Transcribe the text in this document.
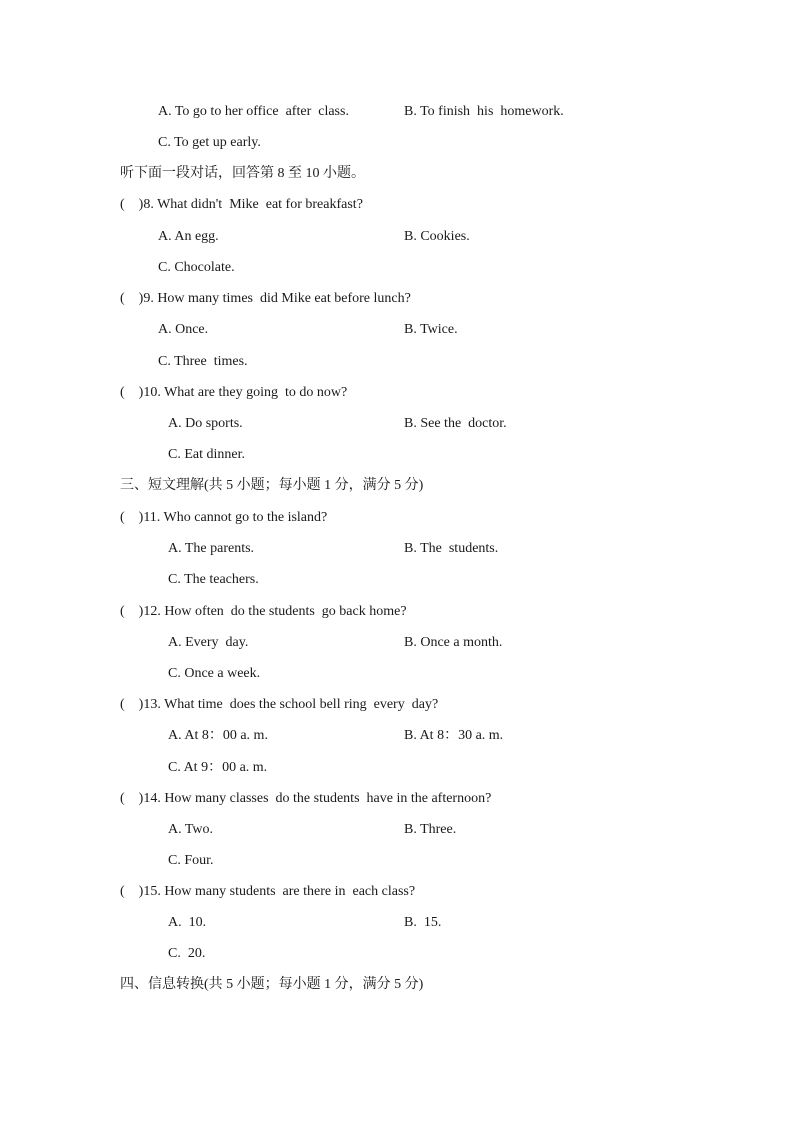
A. To go to her office  after  class.	B. To finish  his  homework.
C. To get up early.
听下面一段对话，回答第 8 至 10 小题。
(    )8. What didn't  Mike  eat for breakfast?
A. An egg.	B. Cookies.
C. Chocolate.
(    )9. How many times  did Mike eat before lunch?
A. Once.	B. Twice.
C. Three  times.
(    )10. What are they going  to do now?
A. Do sports.	B. See the  doctor.
C. Eat dinner.
三、短文理解(共 5 小题；每小题 1 分，满分 5 分)
(    )11. Who cannot go to the island?
A. The parents.	B. The  students.
C. The teachers.
(    )12. How often  do the students  go back home?
A. Every  day.	B. Once a month.
C. Once a week.
(    )13. What time  does the school bell ring  every  day?
A. At 8：00 a. m.	B. At 8：30 a. m.
C. At 9：00 a. m.
(    )14. How many classes  do the students  have in the afternoon?
A. Two.	B. Three.
C. Four.
(    )15. How many students  are there in  each class?
A.  10.	B.  15.
C.  20.
四、信息转换(共 5 小题；每小题 1 分，满分 5 分)
